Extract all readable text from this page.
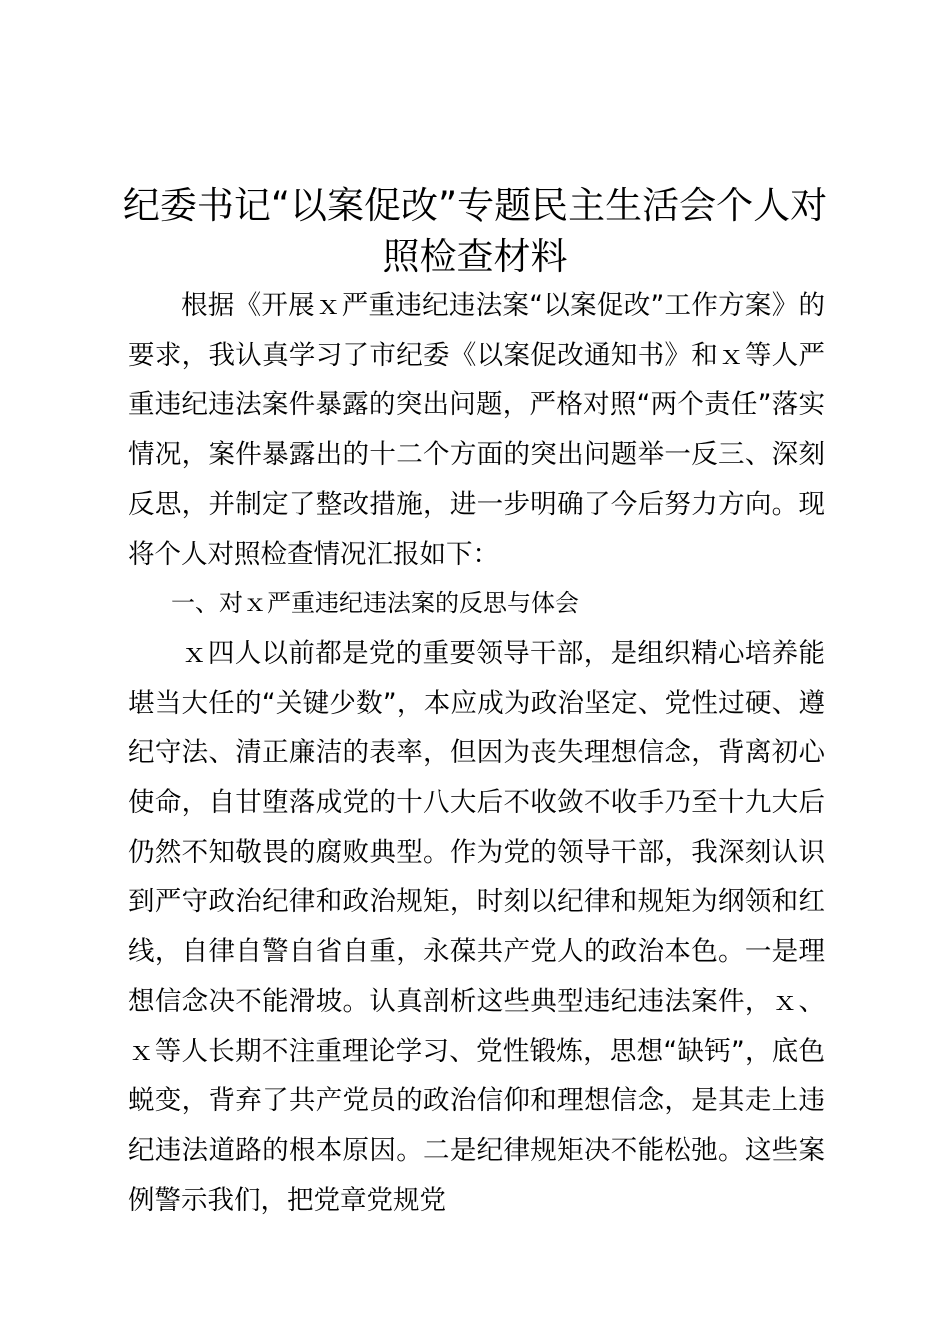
纪委书记“以案促改”专题民主生活会个人对照检查材料

根据《开展ｘ严重违纪违法案“以案促改”工作方案》的要求，我认真学习了市纪委《以案促改通知书》和ｘ等人严重违纪违法案件暴露的突出问题，严格对照“两个责任”落实情况，案件暴露出的十二个方面的突出问题举一反三、深刻反思，并制定了整改措施，进一步明确了今后努力方向。现将个人对照检查情况汇报如下：

一、对ｘ严重违纪违法案的反思与体会

ｘ四人以前都是党的重要领导干部，是组织精心培养能堪当大任的“关键少数”，本应成为政治坚定、党性过硬、遵纪守法、清正廉洁的表率，但因为丧失理想信念，背离初心使命，自甘堕落成党的十八大后不收敛不收手乃至十九大后仍然不知敬畏的腐败典型。作为党的领导干部，我深刻认识到严守政治纪律和政治规矩，时刻以纪律和规矩为纲领和红线，自律自警自省自重，永葆共产党人的政治本色。一是理想信念决不能滑坡。认真剖析这些典型违纪违法案件，ｘ、ｘ等人长期不注重理论学习、党性锻炼，思想“缺钙”，底色蜕变，背弃了共产党员的政治信仰和理想信念，是其走上违纪违法道路的根本原因。二是纪律规矩决不能松弛。这些案例警示我们，把党章党规党
